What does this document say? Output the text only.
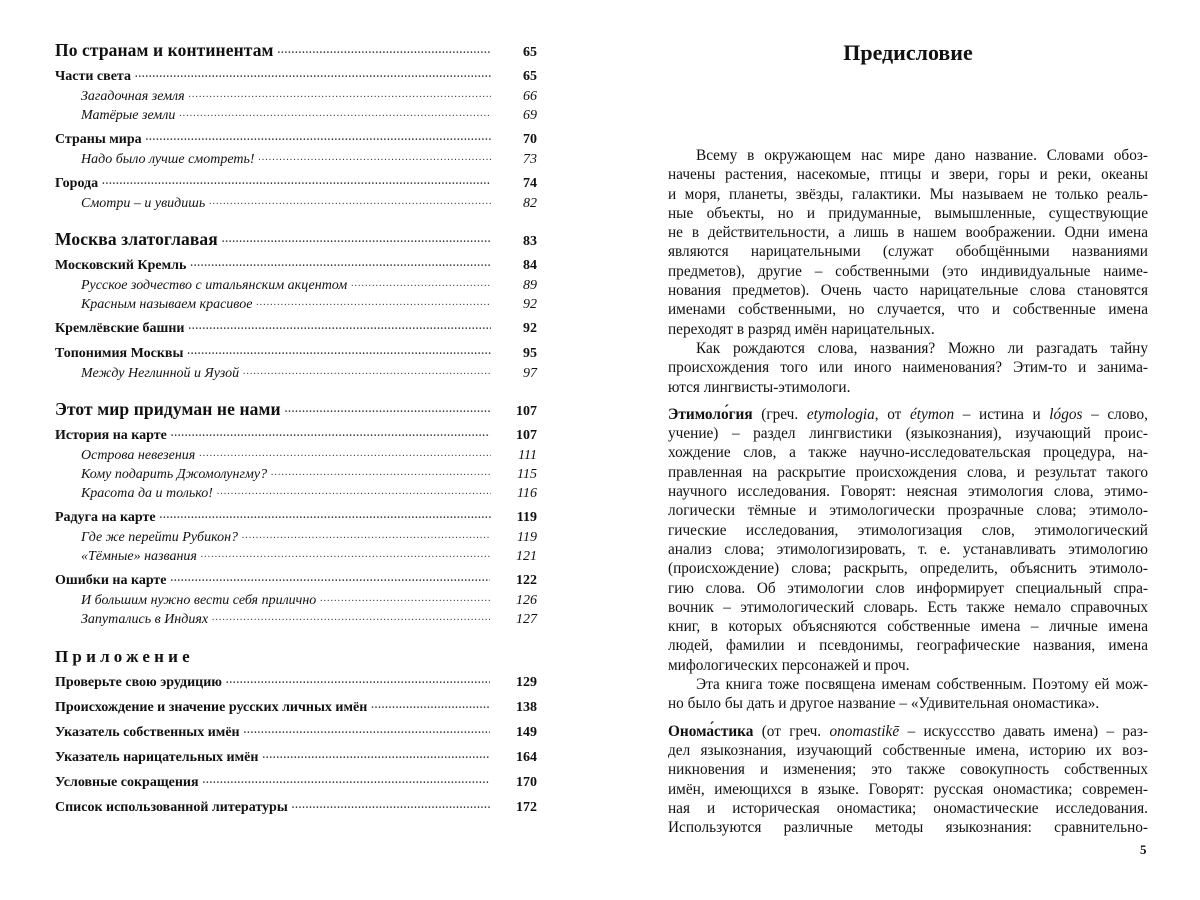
По странам и континентам .....	65
Части света .....	65
Загадочная земля .....	66
Матёрые земли .....	69
Страны мира .....	70
Надо было лучше смотреть! .....	73
Города .....	74
Смотри – и увидишь .....	82
Москва златоглавая .....	83
Московский Кремль .....	84
Русское зодчество с итальянским акцентом .....	89
Красным называем красивое .....	92
Кремлёвские башни .....	92
Топонимия Москвы .....	95
Между Неглинной и Яузой .....	97
Этот мир придуман не нами .....	107
История на карте .....	107
Острова невезения .....	111
Кому подарить Джомолунгму? .....	115
Красота да и только! .....	116
Радуга на карте .....	119
Где же перейти Рубикон? .....	119
«Тёмные» названия .....	121
Ошибки на карте .....	122
И большим нужно вести себя прилично .....	126
Запутались в Индиях .....	127
Приложение
Проверьте свою эрудицию .....	129
Происхождение и значение русских личных имён .....	138
Указатель собственных имён .....	149
Указатель нарицательных имён .....	164
Условные сокращения .....	170
Список использованной литературы .....	172
Предисловие
Всему в окружающем нас мире дано название. Словами обоз-
начены растения, насекомые, птицы и звери, горы и реки, океаны
и моря, планеты, звёзды, галактики. Мы называем не только реаль-
ные объекты, но и придуманные, вымышленные, существующие
не в действительности, а лишь в нашем воображении. Одни имена
являются нарицательными (служат обобщёнными названиями
предметов), другие – собственными (это индивидуальные наиме-
нования предметов). Очень часто нарицательные слова становятся
именами собственными, но случается, что и собственные имена
переходят в разряд имён нарицательных.
Как рождаются слова, названия? Можно ли разгадать тайну
происхождения того или иного наименования? Этим-то и занима-
ются лингвисты-этимологи.
Этимоло́гия (греч. etymologia, от étymon – истина и lógos – слово,
учение) – раздел лингвистики (языкознания), изучающий проис-
хождение слов, а также научно-исследовательская процедура, на-
правленная на раскрытие происхождения слова, и результат такого
научного исследования. Говорят: неясная этимология слова, этимо-
логически тёмные и этимологически прозрачные слова; этимоло-
гические исследования, этимологизация слов, этимологический
анализ слова; этимологизировать, т. е. устанавливать этимологию
(происхождение) слова; раскрыть, определить, объяснить этимоло-
гию слова. Об этимологии слов информирует специальный спра-
вочник – этимологический словарь. Есть также немало справочных
книг, в которых объясняются собственные имена – личные имена
людей, фамилии и псевдонимы, географические названия, имена
мифологических персонажей и проч.
Эта книга тоже посвящена именам собственным. Поэтому ей мож-
но было бы дать и другое название – «Удивительная ономастика».
Онома́стика (от греч. onomastikē – искуссство давать имена) – раз-
дел языкознания, изучающий собственные имена, историю их воз-
никновения и изменения; это также совокупность собственных
имён, имеющихся в языке. Говорят: русская ономастика; современ-
ная и историческая ономастика; ономастические исследования.
Используются различные методы языкознания: сравнительно-
5
